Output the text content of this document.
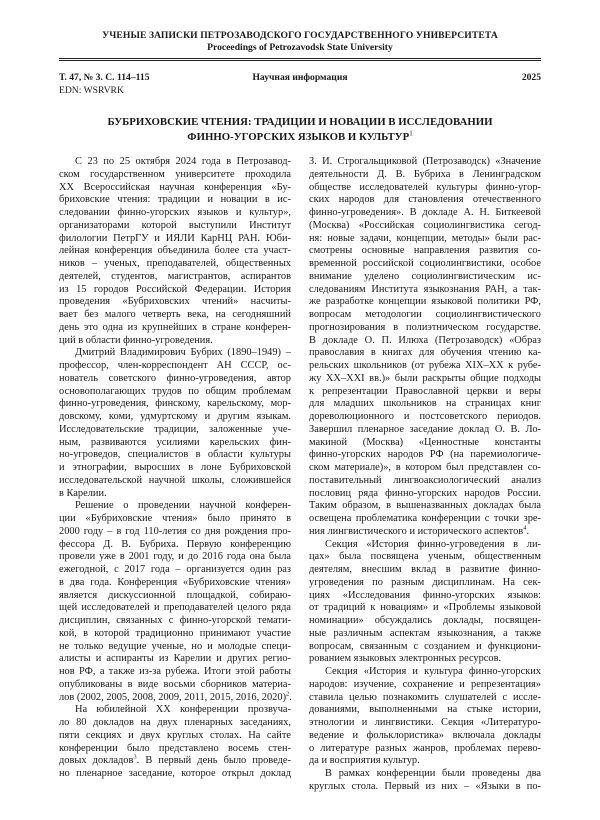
УЧЕНЫЕ ЗАПИСКИ ПЕТРОЗАВОДСКОГО ГОСУДАРСТВЕННОГО УНИВЕРСИТЕТА
Proceedings of Petrozavodsk State University
Т. 47, № 3. С. 114–115	Научная информация	2025
EDN: WSRVRK
БУБРИХОВСКИЕ ЧТЕНИЯ: ТРАДИЦИИ И НОВАЦИИ В ИССЛЕДОВАНИИ
ФИННО-УГОРСКИХ ЯЗЫКОВ И КУЛЬТУР$^1$
С 23 по 25 октября 2024 года в Петрозавод-
ском государственном университете проходила
XX Всероссийская научная конференция «Бу-
бриховские чтения: традиции и новации в ис-
следовании финно-угорских языков и культур»,
организаторами которой выступили Институт
филологии ПетрГУ и ИЯЛИ КарНЦ РАН. Юби-
лейная конференция объединила более ста участ-
ников – ученых, преподавателей, общественных
деятелей, студентов, магистрантов, аспирантов
из 15 городов Российской Федерации. История
проведения «Бубриховских чтений» насчиты-
вает без малого четверть века, на сегодняшний
день это одна из крупнейших в стране конферен-
ций в области финно-угроведения.
Дмитрий Владимирович Бубрих (1890–1949) –
профессор, член-корреспондент АН СССР, ос-
нователь советского финно-угроведения, автор
основополагающих трудов по общим проблемам
финно-угроведения, финскому, карельскому, мор-
довскому, коми, удмуртскому и другим языкам.
Исследовательские традиции, заложенные уче-
ным, развиваются усилиями карельских фин-
но-угроведов, специалистов в области культуры
и этнографии, выросших в лоне Бубриховской
исследовательской научной школы, сложившейся
в Карелии.
Решение о проведении научной конферен-
ции «Бубриховские чтения» было принято в
2000 году – в год 110-летия со дня рождения про-
фессора Д. В. Бубриха. Первую конференцию
провели уже в 2001 году, и до 2016 года она была
ежегодной, с 2017 года – организуется один раз
в два года. Конференция «Бубриховские чтения»
является дискуссионной площадкой, собираю-
щей исследователей и преподавателей целого ряда
дисциплин, связанных с финно-угорской темати-
кой, в которой традиционно принимают участие
не только ведущие ученые, но и молодые специ-
алисты и аспиранты из Карелии и других регио-
нов РФ, а также из-за рубежа. Итоги этой работы
опубликованы в виде восьми сборников материа-
лов (2002, 2005, 2008, 2009, 2011, 2015, 2016, 2020)$^2$.
На юбилейной XX конференции прозвуча-
ло 80 докладов на двух пленарных заседаниях,
пяти секциях и двух круглых столах. На сайте
конференции было представлено восемь стен-
довых докладов$^3$. В первый день было проведе-
но пленарное заседание, которое открыл доклад
З. И. Строгальщиковой (Петрозаводск) «Значение
деятельности Д. В. Бубриха в Ленинградском
обществе исследователей культуры финно-угор-
ских народов для становления отечественного
финно-угроведения». В докладе А. Н. Биткеевой
(Москва) «Российская социолингвистика сегод-
ня: новые задачи, концепции, методы» были рас-
смотрены основные направления развития со-
временной российской социолингвистики, особое
внимание уделено социолингвистическим ис-
следованиям Института языкознания РАН, а так-
же разработке концепции языковой политики РФ,
вопросам методологии социолингвистического
прогнозирования в полиэтническом государстве.
В докладе О. П. Илюха (Петрозаводск) «Образ
православия в книгах для обучения чтению ка-
рельских школьников (от рубежа XIX–XX к рубе-
жу XX–XXI вв.)» были раскрыты общие подходы
к репрезентации Православной церкви и веры
для младших школьников на страницах книг
дореволюционного и постсоветского периодов.
Завершил пленарное заседание доклад О. В. Ло-
макиной (Москва) «Ценностные константы
финно-угорских народов РФ (на паремиологиче-
ском материале)», в котором был представлен со-
поставительный лингвоаксиологический анализ
пословиц ряда финно-угорских народов России.
Таким образом, в вышеназванных докладах была
освещена проблематика конференции с точки зре-
ния лингвистического и исторического аспектов$^4$.
Секция «История финно-угроведения в ли-
цах» была посвящена ученым, общественным
деятелям, внесшим вклад в развитие финно-
угроведения по разным дисциплинам. На сек-
циях «Исследования финно-угорских языков:
от традиций к новациям» и «Проблемы языковой
номинации» обсуждались доклады, посвящен-
ные различным аспектам языкознания, а также
вопросам, связанным с созданием и функциони-
рованием языковых электронных ресурсов.
Секция «История и культура финно-угорских
народов: изучение, сохранение и репрезентация»
ставила целью познакомить слушателей с иссле-
дованиями, выполненными на стыке истории,
этнологии и лингвистики. Секция «Литературо-
ведение и фольклористика» включала доклады
о литературе разных жанров, проблемах перево-
да и восприятия культур.
В рамках конференции были проведены два
круглых стола. Первый из них – «Языки в по-
